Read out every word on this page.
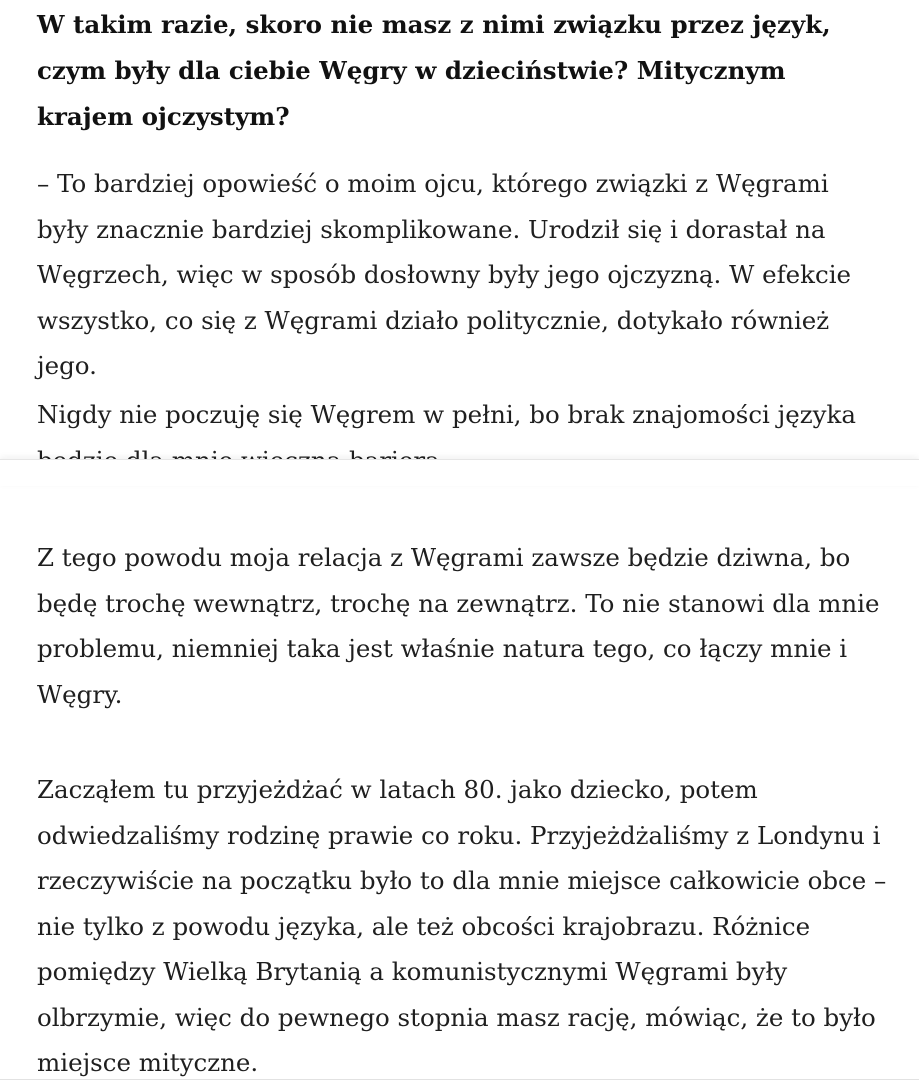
W takim razie, skoro nie masz z nimi związku przez język, czym były dla ciebie Węgry w dzieciństwie? Mitycznym krajem ojczystym?

– To bardziej opowieść o moim ojcu, którego związki z Węgrami były znacznie bardziej skomplikowane. Urodził się i dorastał na Węgrzech, więc w sposób dosłowny były jego ojczyzną. W efekcie wszystko, co się z Węgrami działo politycznie, dotykało również jego.

Nigdy nie poczuję się Węgrem w pełni, bo brak znajomości języka

Z tego powodu moja relacja z Węgrami zawsze będzie dziwna, bo będę trochę wewnątrz, trochę na zewnątrz. To nie stanowi dla mnie problemu, niemniej taka jest właśnie natura tego, co łączy mnie i Węgry.

Zacząłem tu przyjeżdżać w latach 80. jako dziecko, potem odwiedzaliśmy rodzinę prawie co roku. Przyjeżdżaliśmy z Londynu i rzeczywiście na początku było to dla mnie miejsce całkowicie obce – nie tylko z powodu języka, ale też obcości krajobrazu. Różnice pomiędzy Wielką Brytanią a komunistycznymi Węgrami były olbrzymie, więc do pewnego stopnia masz rację, mówiąc, że to było miejsce mityczne.
